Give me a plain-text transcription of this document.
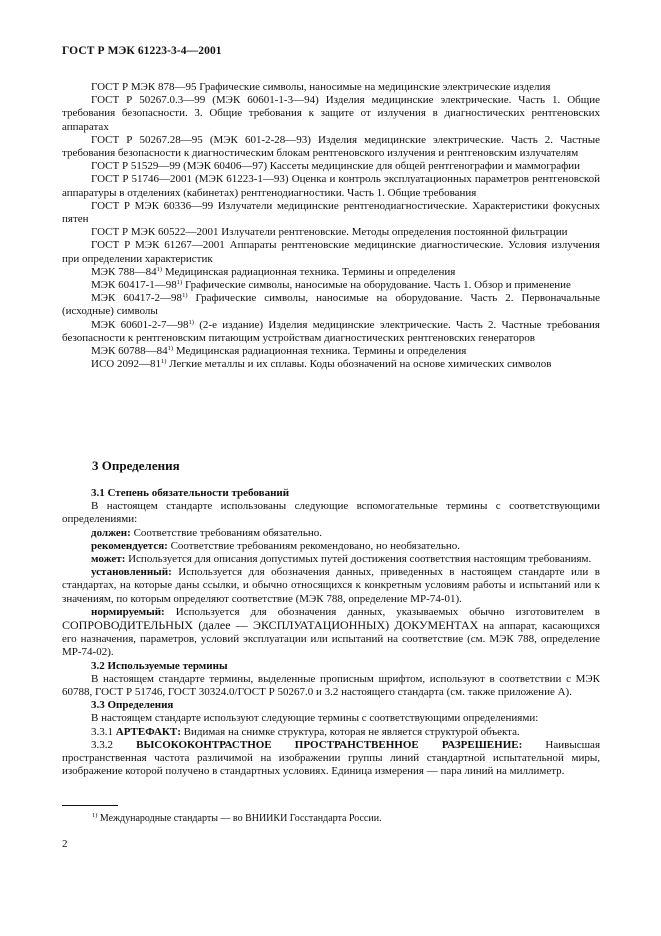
ГОСТ Р МЭК 61223-3-4—2001

ГОСТ Р МЭК 878—95 Графические символы, наносимые на медицинские электрические изделия

ГОСТ Р 50267.0.3—99 (МЭК 60601-1-3—94) Изделия медицинские электрические. Часть 1. Общие требования безопасности. 3. Общие требования к защите от излучения в диагностических рентгеновских аппаратах

ГОСТ Р 50267.28—95 (МЭК 601-2-28—93) Изделия медицинские электрические. Часть 2. Частные требования безопасности к диагностическим блокам рентгеновского излучения и рентгеновским излучателям

ГОСТ Р 51529—99 (МЭК 60406—97) Кассеты медицинские для общей рентгенографии и маммографии

ГОСТ Р 51746—2001 (МЭК 61223-1—93) Оценка и контроль эксплуатационных параметров рентгеновской аппаратуры в отделениях (кабинетах) рентгенодиагностики. Часть 1. Общие требования

ГОСТ Р МЭК 60336—99 Излучатели медицинские рентгенодиагностические. Характеристики фокусных пятен

ГОСТ Р МЭК 60522—2001 Излучатели рентгеновские. Методы определения постоянной фильтрации

ГОСТ Р МЭК 61267—2001 Аппараты рентгеновские медицинские диагностические. Условия излучения при определении характеристик

МЭК 788—84$^{1)}$ Медицинская радиационная техника. Термины и определения

МЭК 60417-1—98$^{1)}$ Графические символы, наносимые на оборудование. Часть 1. Обзор и применение

МЭК 60417-2—98$^{1)}$ Графические символы, наносимые на оборудование. Часть 2. Первоначальные (исходные) символы

МЭК 60601-2-7—98$^{1)}$ (2-е издание) Изделия медицинские электрические. Часть 2. Частные требования безопасности к рентгеновским питающим устройствам диагностических рентгеновских генераторов

МЭК 60788—84$^{1)}$ Медицинская радиационная техника. Термины и определения

ИСО 2092—81$^{1)}$ Легкие металлы и их сплавы. Коды обозначений на основе химических символов

3 Определения

3.1 Степень обязательности требований

В настоящем стандарте использованы следующие вспомогательные термины с соответствующими определениями:

должен: Соответствие требованиям обязательно.

рекомендуется: Соответствие требованиям рекомендовано, но необязательно.

может: Используется для описания допустимых путей достижения соответствия настоящим требованиям.

установленный: Используется для обозначения данных, приведенных в настоящем стандарте или в стандартах, на которые даны ссылки, и обычно относящихся к конкретным условиям работы и испытаний или к значениям, по которым определяют соответствие (МЭК 788, определение МР-74-01).

нормируемый: Используется для обозначения данных, указываемых обычно изготовителем в СОПРОВОДИТЕЛЬНЫХ (далее — ЭКСПЛУАТАЦИОННЫХ) ДОКУМЕНТАХ на аппарат, касающихся его назначения, параметров, условий эксплуатации или испытаний на соответствие (см. МЭК 788, определение МР-74-02).

3.2 Используемые термины

В настоящем стандарте термины, выделенные прописным шрифтом, используют в соответствии с МЭК 60788, ГОСТ Р 51746, ГОСТ 30324.0/ГОСТ Р 50267.0 и 3.2 настоящего стандарта (см. также приложение А).

3.3 Определения

В настоящем стандарте используют следующие термины с соответствующими определениями:

3.3.1 АРТЕФАКТ: Видимая на снимке структура, которая не является структурой объекта.

3.3.2 ВЫСОКОКОНТРАСТНОЕ ПРОСТРАНСТВЕННОЕ РАЗРЕШЕНИЕ: Наивысшая пространственная частота различимой на изображении группы линий стандартной испытательной миры, изображение которой получено в стандартных условиях. Единица измерения — пара линий на миллиметр.

$^{1)}$ Международные стандарты — во ВНИИКИ Госстандарта России.
2
